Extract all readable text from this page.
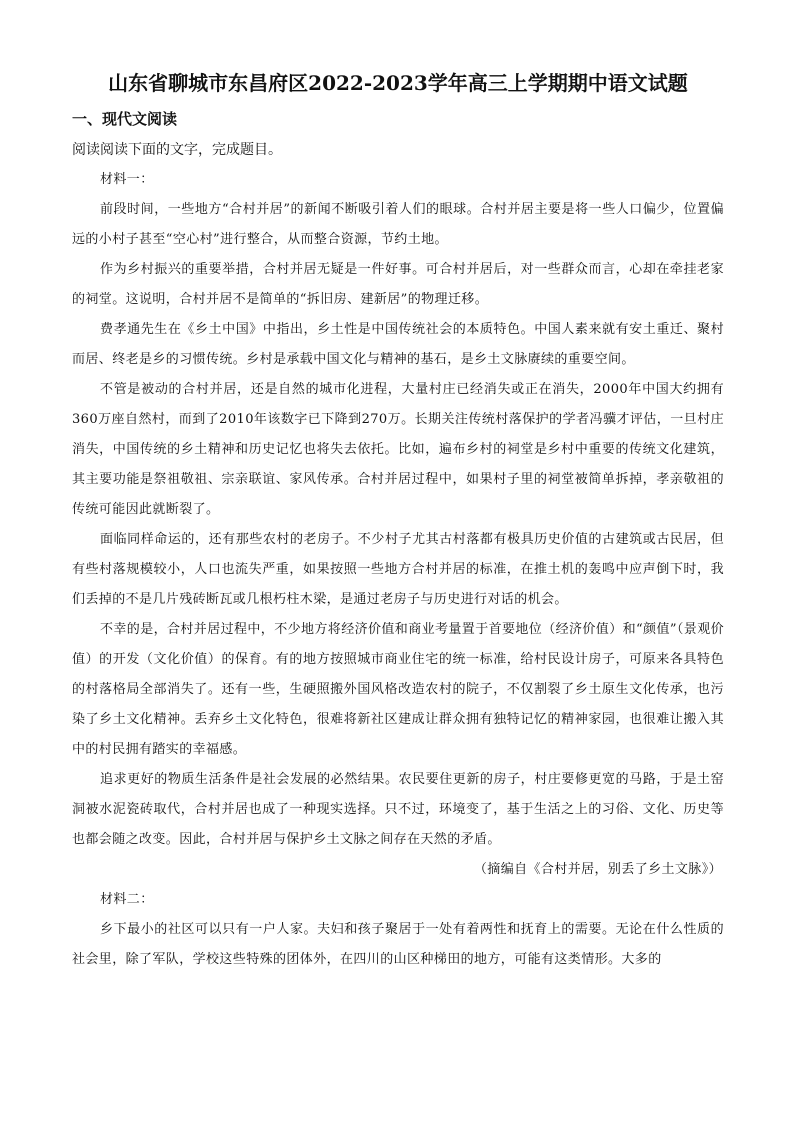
山东省聊城市东昌府区2022-2023学年高三上学期期中语文试题
一、现代文阅读
阅读阅读下面的文字，完成题目。

材料一：

前段时间，一些地方“合村并居”的新闻不断吸引着人们的眼球。合村并居主要是将一些人口偏少，位置偏远的小村子甚至“空心村”进行整合，从而整合资源，节约土地。

作为乡村振兴的重要举措，合村并居无疑是一件好事。可合村并居后，对一些群众而言，心却在牵挂老家的祠堂。这说明，合村并居不是简单的“拆旧房、建新居”的物理迁移。

费孝通先生在《乡土中国》中指出，乡土性是中国传统社会的本质特色。中国人素来就有安土重迁、聚村而居、终老是乡的习惯传统。乡村是承载中国文化与精神的基石，是乡土文脉赓续的重要空间。

不管是被动的合村并居，还是自然的城市化进程，大量村庄已经消失或正在消失，2000年中国大约拥有360万座自然村，而到了2010年该数字已下降到270万。长期关注传统村落保护的学者冯骥才评估，一旦村庄消失，中国传统的乡土精神和历史记忆也将失去依托。比如，遍布乡村的祠堂是乡村中重要的传统文化建筑，其主要功能是祭祖敬祖、宗亲联谊、家风传承。合村并居过程中，如果村子里的祠堂被简单拆掉，孝亲敬祖的传统可能因此就断裂了。

面临同样命运的，还有那些农村的老房子。不少村子尤其古村落都有极具历史价值的古建筑或古民居，但有些村落规模较小，人口也流失严重，如果按照一些地方合村并居的标准，在推土机的轰鸣中应声倒下时，我们丢掉的不是几片残砖断瓦或几根朽柱木梁，是通过老房子与历史进行对话的机会。

不幸的是，合村并居过程中，不少地方将经济价值和商业考量置于首要地位（经济价值）和“颜值”（景观价值）的开发（文化价值）的保育。有的地方按照城市商业住宅的统一标准，给村民设计房子，可原来各具特色的村落格局全部消失了。还有一些，生硬照搬外国风格改造农村的院子，不仅割裂了乡土原生文化传承，也污染了乡土文化精神。丢弃乡土文化特色，很难将新社区建成让群众拥有独特记忆的精神家园，也很难让搬入其中的村民拥有踏实的幸福感。

追求更好的物质生活条件是社会发展的必然结果。农民要住更新的房子，村庄要修更宽的马路，于是土窑洞被水泥瓷砖取代，合村并居也成了一种现实选择。只不过，环境变了，基于生活之上的习俗、文化、历史等也都会随之改变。因此，合村并居与保护乡土文脉之间存在天然的矛盾。

（摘编自《合村并居，别丢了乡土文脉》）

材料二：

乡下最小的社区可以只有一户人家。夫妇和孩子聚居于一处有着两性和抚育上的需要。无论在什么性质的社会里，除了军队，学校这些特殊的团体外，在四川的山区种梯田的地方，可能有这类情形。大多的
